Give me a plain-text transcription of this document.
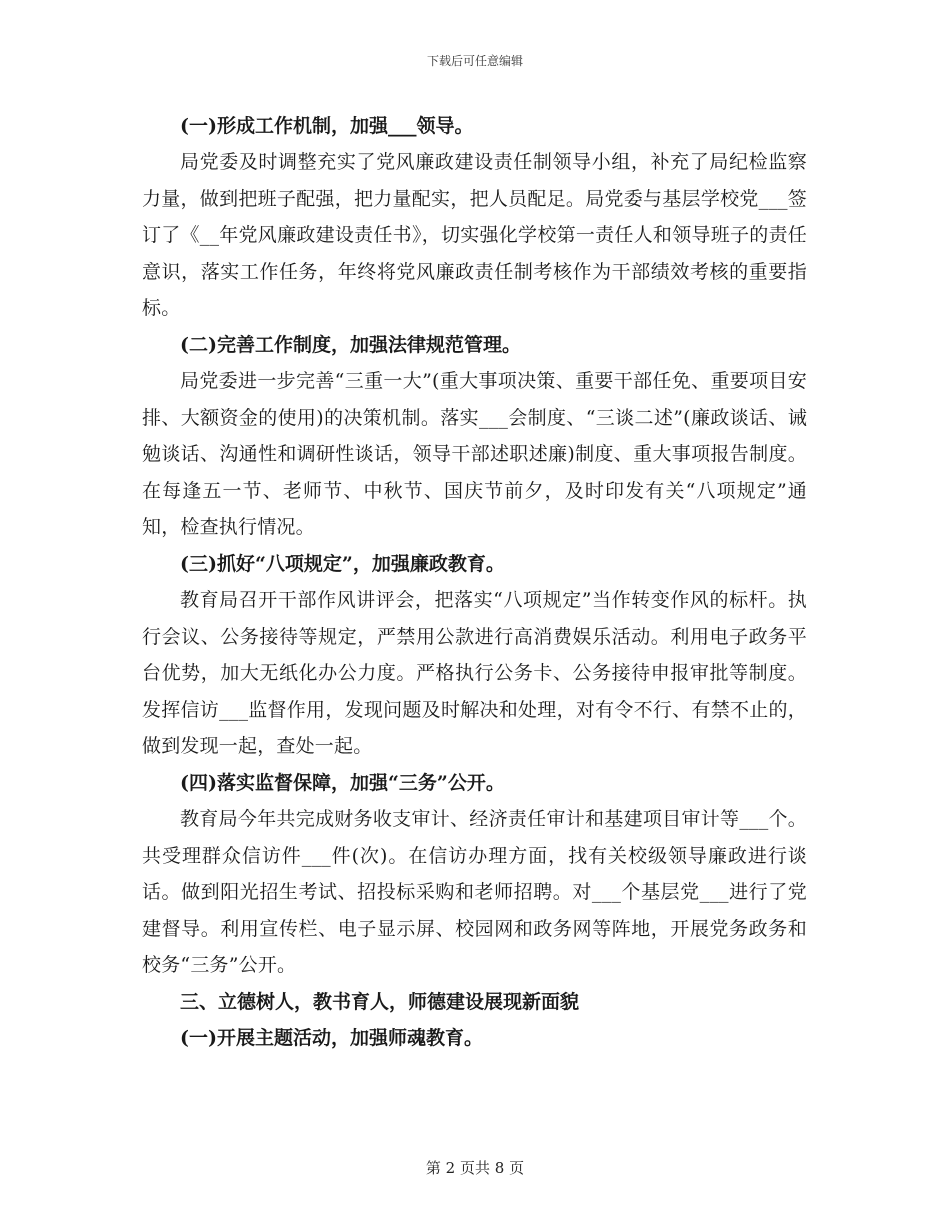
下载后可任意编辑

(一)形成工作机制，加强___领导。

局党委及时调整充实了党风廉政建设责任制领导小组，补充了局纪检监察力量，做到把班子配强，把力量配实，把人员配足。局党委与基层学校党___签订了《__年党风廉政建设责任书》，切实强化学校第一责任人和领导班子的责任意识，落实工作任务，年终将党风廉政责任制考核作为干部绩效考核的重要指标。

(二)完善工作制度，加强法律规范管理。

局党委进一步完善“三重一大”(重大事项决策、重要干部任免、重要项目安排、大额资金的使用)的决策机制。落实___会制度、“三谈二述”(廉政谈话、诫勉谈话、沟通性和调研性谈话，领导干部述职述廉)制度、重大事项报告制度。在每逢五一节、老师节、中秋节、国庆节前夕，及时印发有关“八项规定”通知，检查执行情况。

(三)抓好“八项规定”，加强廉政教育。

教育局召开干部作风讲评会，把落实“八项规定”当作转变作风的标杆。执行会议、公务接待等规定，严禁用公款进行高消费娱乐活动。利用电子政务平台优势，加大无纸化办公力度。严格执行公务卡、公务接待申报审批等制度。发挥信访___监督作用，发现问题及时解决和处理，对有令不行、有禁不止的，做到发现一起，查处一起。

(四)落实监督保障，加强“三务”公开。

教育局今年共完成财务收支审计、经济责任审计和基建项目审计等___个。共受理群众信访件___件(次)。在信访办理方面，找有关校级领导廉政进行谈话。做到阳光招生考试、招投标采购和老师招聘。对___个基层党___进行了党建督导。利用宣传栏、电子显示屏、校园网和政务网等阵地，开展党务政务和校务“三务”公开。

三、立德树人，教书育人，师德建设展现新面貌

(一)开展主题活动，加强师魂教育。

第 2 页共 8 页
